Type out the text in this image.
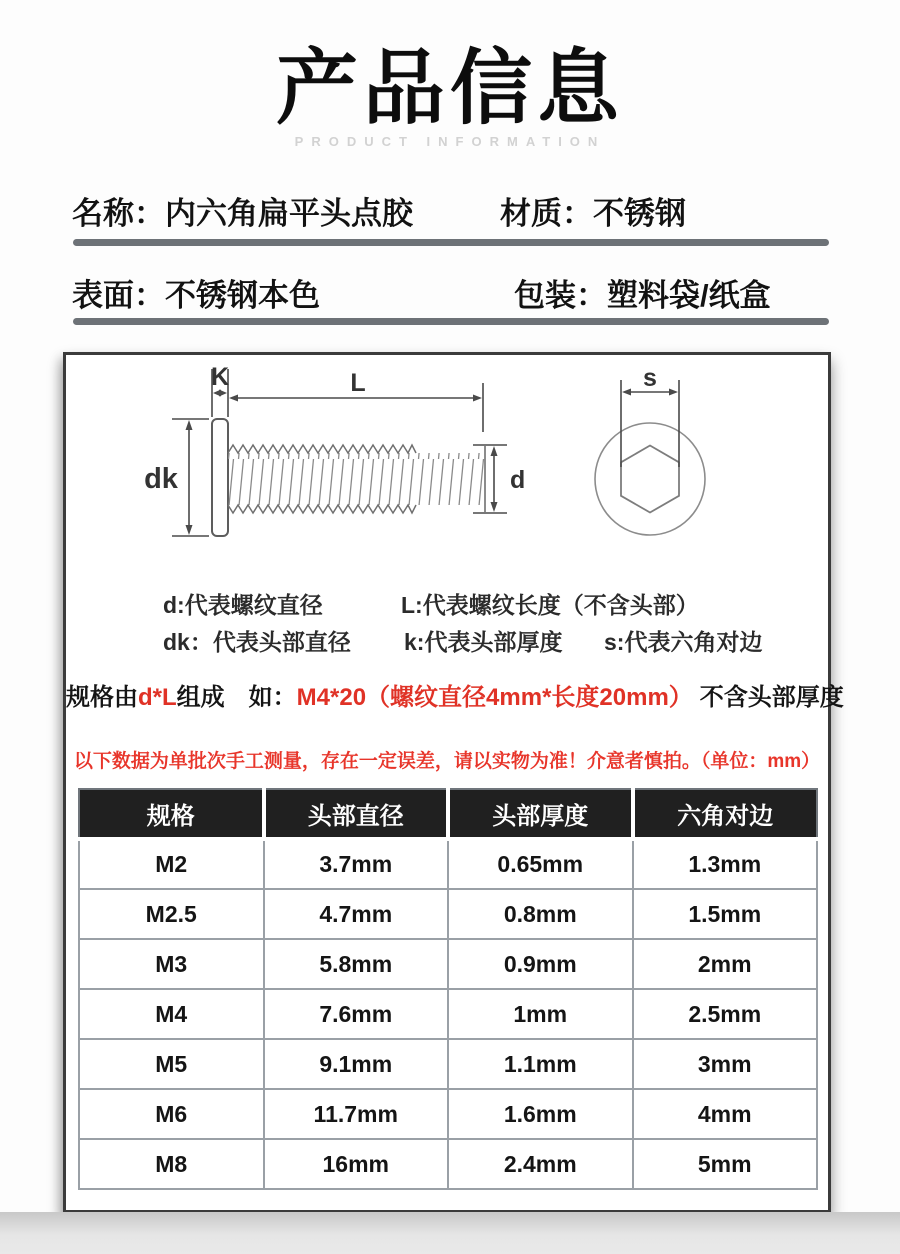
产品信息
PRODUCT INFORMATION
名称：内六角扁平头点胶	材质：不锈钢
表面：不锈钢本色	包装：塑料袋/纸盒
K	L
dk	d
s
d:代表螺纹直径	L:代表螺纹长度（不含头部）
dk：代表头部直径 k:代表头部厚度 s:代表六角对边
规格由d*L组成　如：M4*20（螺纹直径4mm*长度20mm） 不含头部厚度
以下数据为单批次手工测量，存在一定误差，请以实物为准！介意者慎拍。（单位：mm）
规格	头部直径	头部厚度	六角对边
M2	3.7mm	0.65mm	1.3mm
M2.5	4.7mm	0.8mm	1.5mm
M3	5.8mm	0.9mm	2mm
M4	7.6mm	1mm	2.5mm
M5	9.1mm	1.1mm	3mm
M6	11.7mm	1.6mm	4mm
M8	16mm	2.4mm	5mm
